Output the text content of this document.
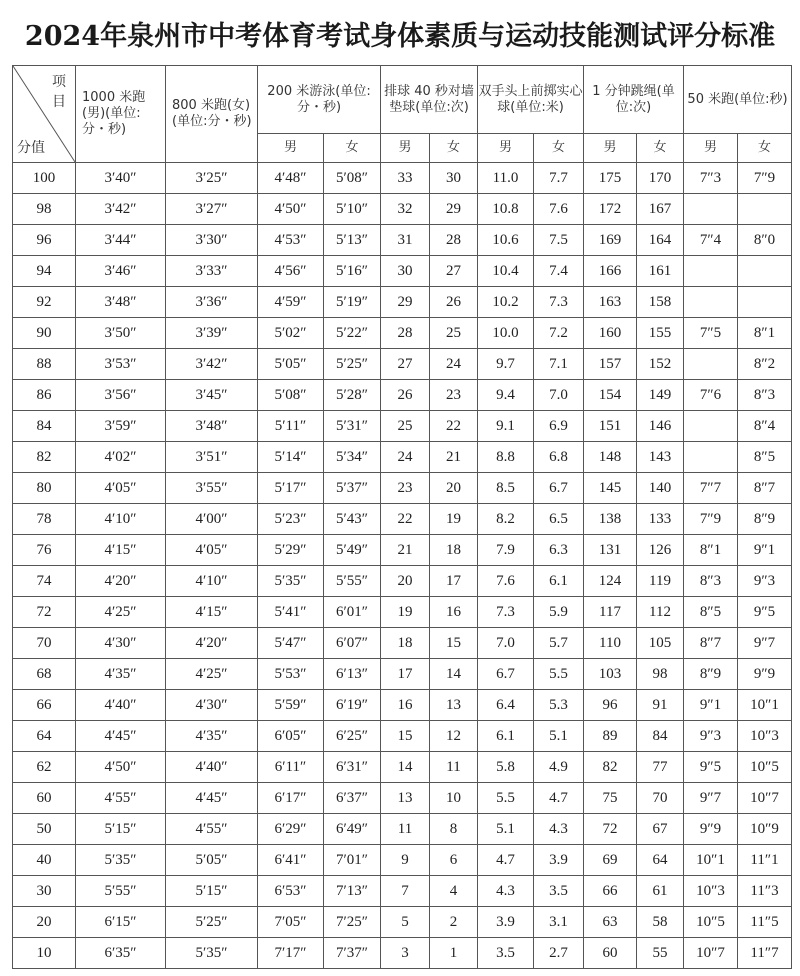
2024年泉州市中考体育考试身体素质与运动技能测试评分标准
项目
分值	1000 米跑(男)(单位:分・秒)	800 米跑(女)(单位:分・秒)	200 米游泳(单位:分・秒)		排球 40 秒对墙垫球(单位:次)		双手头上前掷实心球(单位:米)		1 分钟跳绳(单位:次)		50 米跑(单位:秒)	
			男	女	男	女	男	女	男	女	男	女
100	3′40″	3′25″	4′48″	5′08″	33	30	11.0	7.7	175	170	7″3	7″9
98	3′42″	3′27″	4′50″	5′10″	32	29	10.8	7.6	172	167		
96	3′44″	3′30″	4′53″	5′13″	31	28	10.6	7.5	169	164	7″4	8″0
94	3′46″	3′33″	4′56″	5′16″	30	27	10.4	7.4	166	161		
92	3′48″	3′36″	4′59″	5′19″	29	26	10.2	7.3	163	158		
90	3′50″	3′39″	5′02″	5′22″	28	25	10.0	7.2	160	155	7″5	8″1
88	3′53″	3′42″	5′05″	5′25″	27	24	9.7	7.1	157	152		8″2
86	3′56″	3′45″	5′08″	5′28″	26	23	9.4	7.0	154	149	7″6	8″3
84	3′59″	3′48″	5′11″	5′31″	25	22	9.1	6.9	151	146		8″4
82	4′02″	3′51″	5′14″	5′34″	24	21	8.8	6.8	148	143		8″5
80	4′05″	3′55″	5′17″	5′37″	23	20	8.5	6.7	145	140	7″7	8″7
78	4′10″	4′00″	5′23″	5′43″	22	19	8.2	6.5	138	133	7″9	8″9
76	4′15″	4′05″	5′29″	5′49″	21	18	7.9	6.3	131	126	8″1	9″1
74	4′20″	4′10″	5′35″	5′55″	20	17	7.6	6.1	124	119	8″3	9″3
72	4′25″	4′15″	5′41″	6′01″	19	16	7.3	5.9	117	112	8″5	9″5
70	4′30″	4′20″	5′47″	6′07″	18	15	7.0	5.7	110	105	8″7	9″7
68	4′35″	4′25″	5′53″	6′13″	17	14	6.7	5.5	103	98	8″9	9″9
66	4′40″	4′30″	5′59″	6′19″	16	13	6.4	5.3	96	91	9″1	10″1
64	4′45″	4′35″	6′05″	6′25″	15	12	6.1	5.1	89	84	9″3	10″3
62	4′50″	4′40″	6′11″	6′31″	14	11	5.8	4.9	82	77	9″5	10″5
60	4′55″	4′45″	6′17″	6′37″	13	10	5.5	4.7	75	70	9″7	10″7
50	5′15″	4′55″	6′29″	6′49″	11	8	5.1	4.3	72	67	9″9	10″9
40	5′35″	5′05″	6′41″	7′01″	9	6	4.7	3.9	69	64	10″1	11″1
30	5′55″	5′15″	6′53″	7′13″	7	4	4.3	3.5	66	61	10″3	11″3
20	6′15″	5′25″	7′05″	7′25″	5	2	3.9	3.1	63	58	10″5	11″5
10	6′35″	5′35″	7′17″	7′37″	3	1	3.5	2.7	60	55	10″7	11″7
